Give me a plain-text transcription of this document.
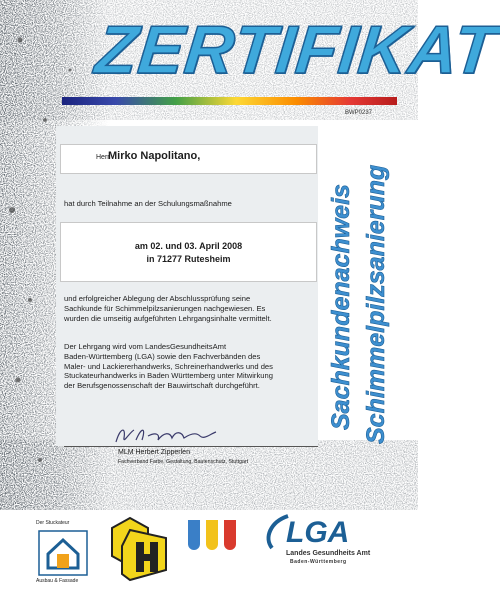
ZERTIFIKAT
BWP0237
Herr
Mirko Napolitano,
hat durch Teilnahme an der Schulungsmaßnahme
am 02. und 03. April 2008
in 71277 Rutesheim
und erfolgreicher Ablegung der Abschlussprüfung seine
Sachkunde für Schimmelpilzsanierungen nachgewiesen. Es
wurden die umseitig aufgeführten Lehrgangsinhalte vermittelt.
Der Lehrgang wird vom LandesGesundheitsAmt
Baden-Württemberg (LGA) sowie den Fachverbänden des
Maler- und Lackiererhandwerks, Schreinerhandwerks und des
Stuckateurhandwerks in Baden Württemberg unter Mitwirkung
der Berufsgenossenschaft der Bauwirtschaft durchgeführt.
MLM Herbert Zipperlen
Fachverband Farbe, Gestaltung, Bautenschutz, Stuttgart
Sachkundenachweis Schimmelpilzsanierung
Der Stuckateur
Ausbau & Fassade
LGA
Landes Gesundheits Amt
Baden-Württemberg
